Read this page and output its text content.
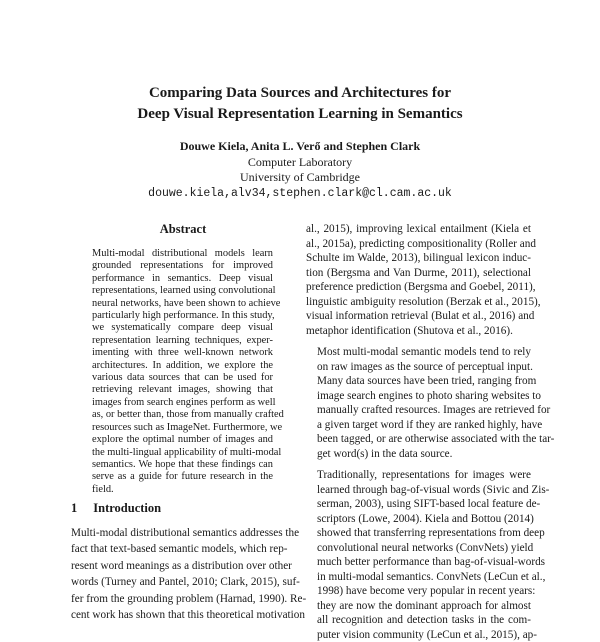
Comparing Data Sources and Architectures for
Deep Visual Representation Learning in Semantics
Douwe Kiela, Anita L. Verő and Stephen Clark
Computer Laboratory
University of Cambridge
douwe.kiela,alv34,stephen.clark@cl.cam.ac.uk
Abstract
Multi-modal distributional models learn
grounded representations for improved
performance in semantics. Deep visual
representations, learned using convolutional
neural networks, have been shown to achieve
particularly high performance. In this study,
we systematically compare deep visual
representation learning techniques, exper-
imenting with three well-known network
architectures. In addition, we explore the
various data sources that can be used for
retrieving relevant images, showing that
images from search engines perform as well
as, or better than, those from manually crafted
resources such as ImageNet. Furthermore, we
explore the optimal number of images and
the multi-lingual applicability of multi-modal
semantics. We hope that these findings can
serve as a guide for future research in the
field.
1 Introduction
Multi-modal distributional semantics addresses the
fact that text-based semantic models, which rep-
resent word meanings as a distribution over other
words (Turney and Pantel, 2010; Clark, 2015), suf-
fer from the grounding problem (Harnad, 1990). Re-
cent work has shown that this theoretical motivation
al., 2015), improving lexical entailment (Kiela et
al., 2015a), predicting compositionality (Roller and
Schulte im Walde, 2013), bilingual lexicon induc-
tion (Bergsma and Van Durme, 2011), selectional
preference prediction (Bergsma and Goebel, 2011),
linguistic ambiguity resolution (Berzak et al., 2015),
visual information retrieval (Bulat et al., 2016) and
metaphor identification (Shutova et al., 2016).
Most multi-modal semantic models tend to rely
on raw images as the source of perceptual input.
Many data sources have been tried, ranging from
image search engines to photo sharing websites to
manually crafted resources. Images are retrieved for
a given target word if they are ranked highly, have
been tagged, or are otherwise associated with the tar-
get word(s) in the data source.
Traditionally, representations for images were
learned through bag-of-visual words (Sivic and Zis-
serman, 2003), using SIFT-based local feature de-
scriptors (Lowe, 2004). Kiela and Bottou (2014)
showed that transferring representations from deep
convolutional neural networks (ConvNets) yield
much better performance than bag-of-visual-words
in multi-modal semantics. ConvNets (LeCun et al.,
1998) have become very popular in recent years:
they are now the dominant approach for almost
all recognition and detection tasks in the com-
puter vision community (LeCun et al., 2015), ap-
